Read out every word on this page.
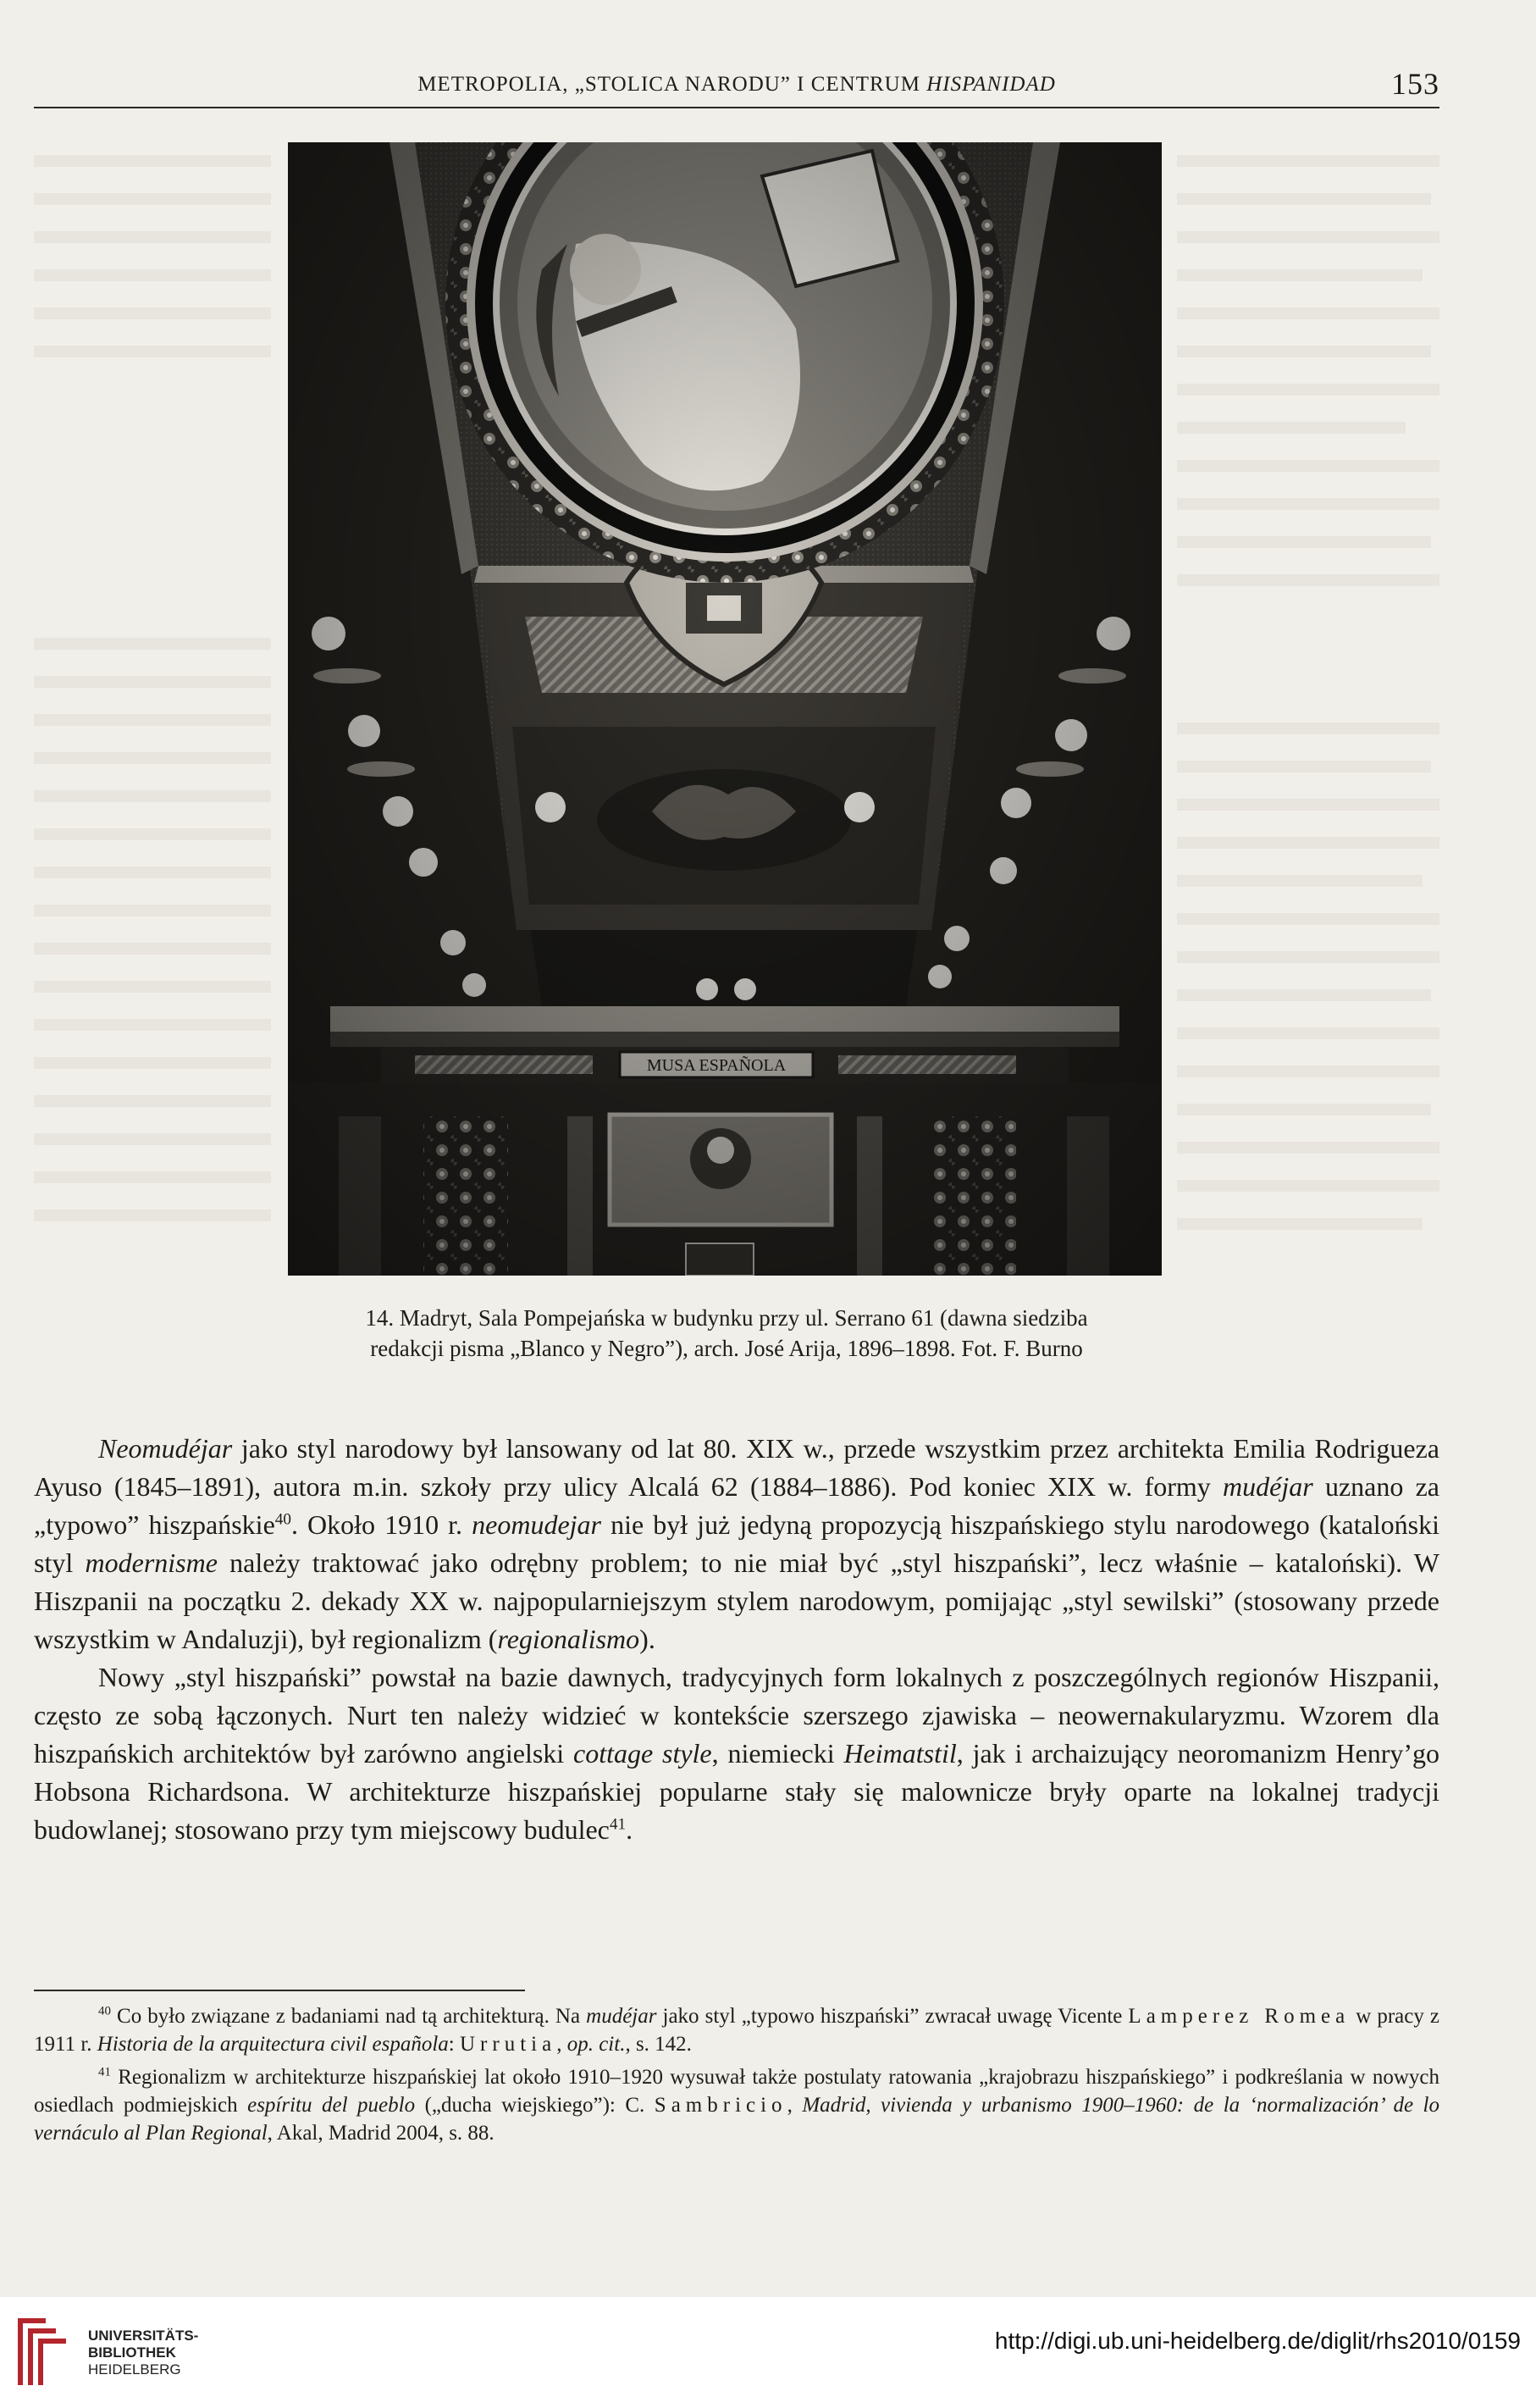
METROPOLIA, „STOLICA NARODU” I CENTRUM HISPANIDAD	153
14. Madryt, Sala Pompejańska w budynku przy ul. Serrano 61 (dawna siedziba
redakcji pisma „Blanco y Negro”), arch. José Arija, 1896–1898. Fot. F. Burno

Neomudéjar jako styl narodowy był lansowany od lat 80. XIX w., przede wszystkim przez architekta Emilia Rodrigueza Ayuso (1845–1891), autora m.in. szkoły przy ulicy Alcalá 62 (1884–1886). Pod koniec XIX w. formy mudéjar uznano za „typowo” hiszpańskie$^{40}$. Około 1910 r. neomudejar nie był już jedyną propozycją hiszpańskiego stylu narodowego (kataloński styl modernisme należy traktować jako odrębny problem; to nie miał być „styl hiszpański”, lecz właśnie – kataloński). W Hiszpanii na początku 2. dekady XX w. najpopularniejszym stylem narodowym, pomijając „styl sewilski” (stosowany przede wszystkim w Andaluzji), był regionalizm (regionalismo).

Nowy „styl hiszpański” powstał na bazie dawnych, tradycyjnych form lokalnych z poszczególnych regionów Hiszpanii, często ze sobą łączonych. Nurt ten należy widzieć w kontekście szerszego zjawiska – neowernakularyzmu. Wzorem dla hiszpańskich architektów był zarówno angielski cottage style, niemiecki Heimatstil, jak i archaizujący neoromanizm Henry’go Hobsona Richardsona. W architekturze hiszpańskiej popularne stały się malownicze bryły oparte na lokalnej tradycji budowlanej; stosowano przy tym miejscowy budulec$^{41}$.

$^{40}$ Co było związane z badaniami nad tą architekturą. Na mudéjar jako styl „typowo hiszpański” zwracał uwagę Vicente Lamperez Romea w pracy z 1911 r. Historia de la arquitectura civil española: Urrutia, op. cit., s. 142.

$^{41}$ Regionalizm w architekturze hiszpańskiej lat około 1910–1920 wysuwał także postulaty ratowania „krajobrazu hiszpańskiego” i podkreślania w nowych osiedlach podmiejskich espíritu del pueblo („ducha wiejskiego”): C. Sambricio, Madrid, vivienda y urbanismo 1900–1960: de la ‘normalización’ de lo vernáculo al Plan Regional, Akal, Madrid 2004, s. 88.

UNIVERSITÄTS-
BIBLIOTHEK
HEIDELBERG
http://digi.ub.uni-heidelberg.de/diglit/rhs2010/0159
